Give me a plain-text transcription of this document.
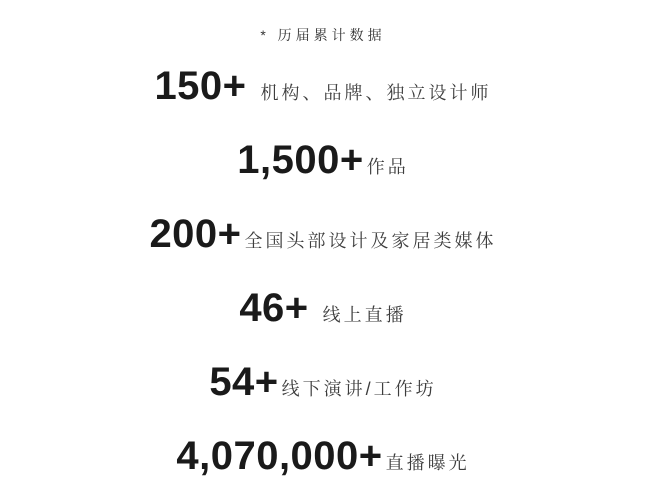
* 历届累计数据
150+ 机构、品牌、独立设计师
1,500+ 作品
200+ 全国头部设计及家居类媒体
46+ 线上直播
54+ 线下演讲/工作坊
4,070,000+ 直播曝光
